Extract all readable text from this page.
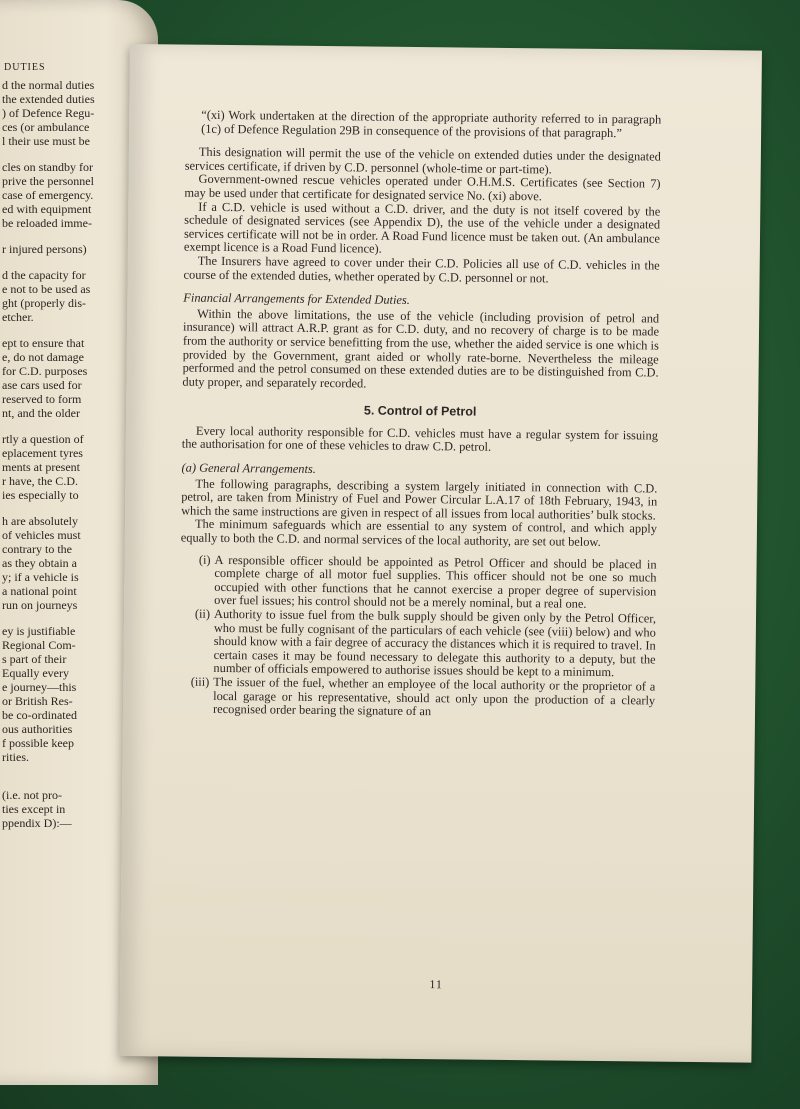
DUTIES
d the normal duties
the extended duties
) of Defence Regu-
ces (or ambulance
l their use must be
cles on standby for
prive the personnel
case of emergency.
ed with equipment
be reloaded imme-
r injured persons)
d the capacity for
e not to be used as
ght (properly dis-
etcher.
ept to ensure that
e, do not damage
for C.D. purposes
ase cars used for
reserved to form
nt, and the older
rtly a question of
eplacement tyres
ments at present
r have, the C.D.
ies especially to
h are absolutely
of vehicles must
contrary to the
as they obtain a
y; if a vehicle is
a national point
run on journeys
ey is justifiable
Regional Com-
s part of their
Equally every
e journey—this
or British Res-
be co-ordinated
ous authorities
f possible keep
rities.
(i.e. not pro-
ties except in
ppendix D):—

“(xi) Work undertaken at the direction of the appropriate authority referred to in paragraph (1c) of Defence Regulation 29B in consequence of the provisions of that paragraph.”

This designation will permit the use of the vehicle on extended duties under the designated services certificate, if driven by C.D. personnel (whole-time or part-time).

Government-owned rescue vehicles operated under O.H.M.S. Certificates (see Section 7) may be used under that certificate for designated service No. (xi) above.

If a C.D. vehicle is used without a C.D. driver, and the duty is not itself covered by the schedule of designated services (see Appendix D), the use of the vehicle under a designated services certificate will not be in order. A Road Fund licence must be taken out. (An ambulance exempt licence is a Road Fund licence).

The Insurers have agreed to cover under their C.D. Policies all use of C.D. vehicles in the course of the extended duties, whether operated by C.D. personnel or not.

Financial Arrangements for Extended Duties.

Within the above limitations, the use of the vehicle (including provision of petrol and insurance) will attract A.R.P. grant as for C.D. duty, and no recovery of charge is to be made from the authority or service benefitting from the use, whether the aided service is one which is provided by the Government, grant aided or wholly rate-borne. Nevertheless the mileage performed and the petrol consumed on these extended duties are to be distinguished from C.D. duty proper, and separately recorded.

5. Control of Petrol

Every local authority responsible for C.D. vehicles must have a regular system for issuing the authorisation for one of these vehicles to draw C.D. petrol.

(a) General Arrangements.

The following paragraphs, describing a system largely initiated in connection with C.D. petrol, are taken from Ministry of Fuel and Power Circular L.A.17 of 18th February, 1943, in which the same instructions are given in respect of all issues from local authorities’ bulk stocks.

The minimum safeguards which are essential to any system of control, and which apply equally to both the C.D. and normal services of the local authority, are set out below.

(i) A responsible officer should be appointed as Petrol Officer and should be placed in complete charge of all motor fuel supplies. This officer should not be one so much occupied with other functions that he cannot exercise a proper degree of supervision over fuel issues; his control should not be a merely nominal, but a real one.
(ii) Authority to issue fuel from the bulk supply should be given only by the Petrol Officer, who must be fully cognisant of the particulars of each vehicle (see (viii) below) and who should know with a fair degree of accuracy the distances which it is required to travel. In certain cases it may be found necessary to delegate this authority to a deputy, but the number of officials empowered to authorise issues should be kept to a minimum.
(iii) The issuer of the fuel, whether an employee of the local authority or the proprietor of a local garage or his representative, should act only upon the production of a clearly recognised order bearing the signature of an
11
